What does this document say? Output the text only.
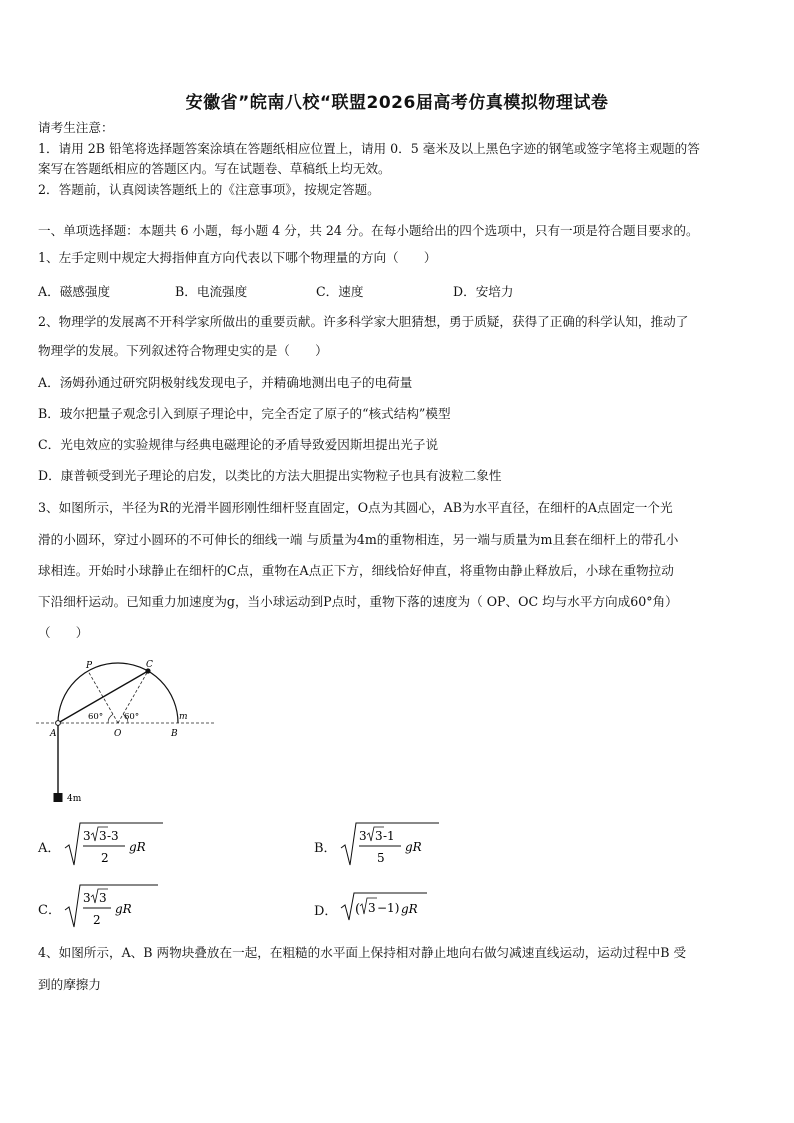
安徽省”皖南八校“联盟2026届高考仿真模拟物理试卷
请考生注意：
1．请用 2B 铅笔将选择题答案涂填在答题纸相应位置上，请用 0．5 毫米及以上黑色字迹的钢笔或签字笔将主观题的答
案写在答题纸相应的答题区内。写在试题卷、草稿纸上均无效。
2．答题前，认真阅读答题纸上的《注意事项》，按规定答题。
一、单项选择题：本题共 6 小题，每小题 4 分，共 24 分。在每小题给出的四个选项中，只有一项是符合题目要求的。
1、左手定则中规定大拇指伸直方向代表以下哪个物理量的方向（　　）
A．磁感强度	B．电流强度	C．速度	D．安培力
2、物理学的发展离不开科学家所做出的重要贡献。许多科学家大胆猜想，勇于质疑，获得了正确的科学认知，推动了
物理学的发展。下列叙述符合物理史实的是（　　）
A．汤姆孙通过研究阴极射线发现电子，并精确地测出电子的电荷量
B．玻尔把量子观念引入到原子理论中，完全否定了原子的“核式结构”模型
C．光电效应的实验规律与经典电磁理论的矛盾导致爱因斯坦提出光子说
D．康普顿受到光子理论的启发，以类比的方法大胆提出实物粒子也具有波粒二象性
3、如图所示，半径为R的光滑半圆形刚性细杆竖直固定，O点为其圆心，AB为水平直径，在细杆的A点固定一个光
滑的小圆环，穿过小圆环的不可伸长的细线一端 与质量为4m的重物相连，另一端与质量为m且套在细杆上的带孔小
球相连。开始时小球静止在细杆的C点，重物在A点正下方，细线恰好伸直，将重物由静止释放后，小球在重物拉动
下沿细杆运动。已知重力加速度为g，当小球运动到P点时，重物下落的速度为（ OP、OC 均与水平方向成60°角）
（　　）
P	C
A	O	B
m
60° 60°
4m
A．
3 3 -3
2
gR	B．
3 3 -1
5
gR
C．
3 3
2
gR	D． ( 3 −1) gR
4、如图所示，A、B 两物块叠放在一起，在粗糙的水平面上保持相对静止地向右做匀减速直线运动，运动过程中B 受
到的摩擦力
